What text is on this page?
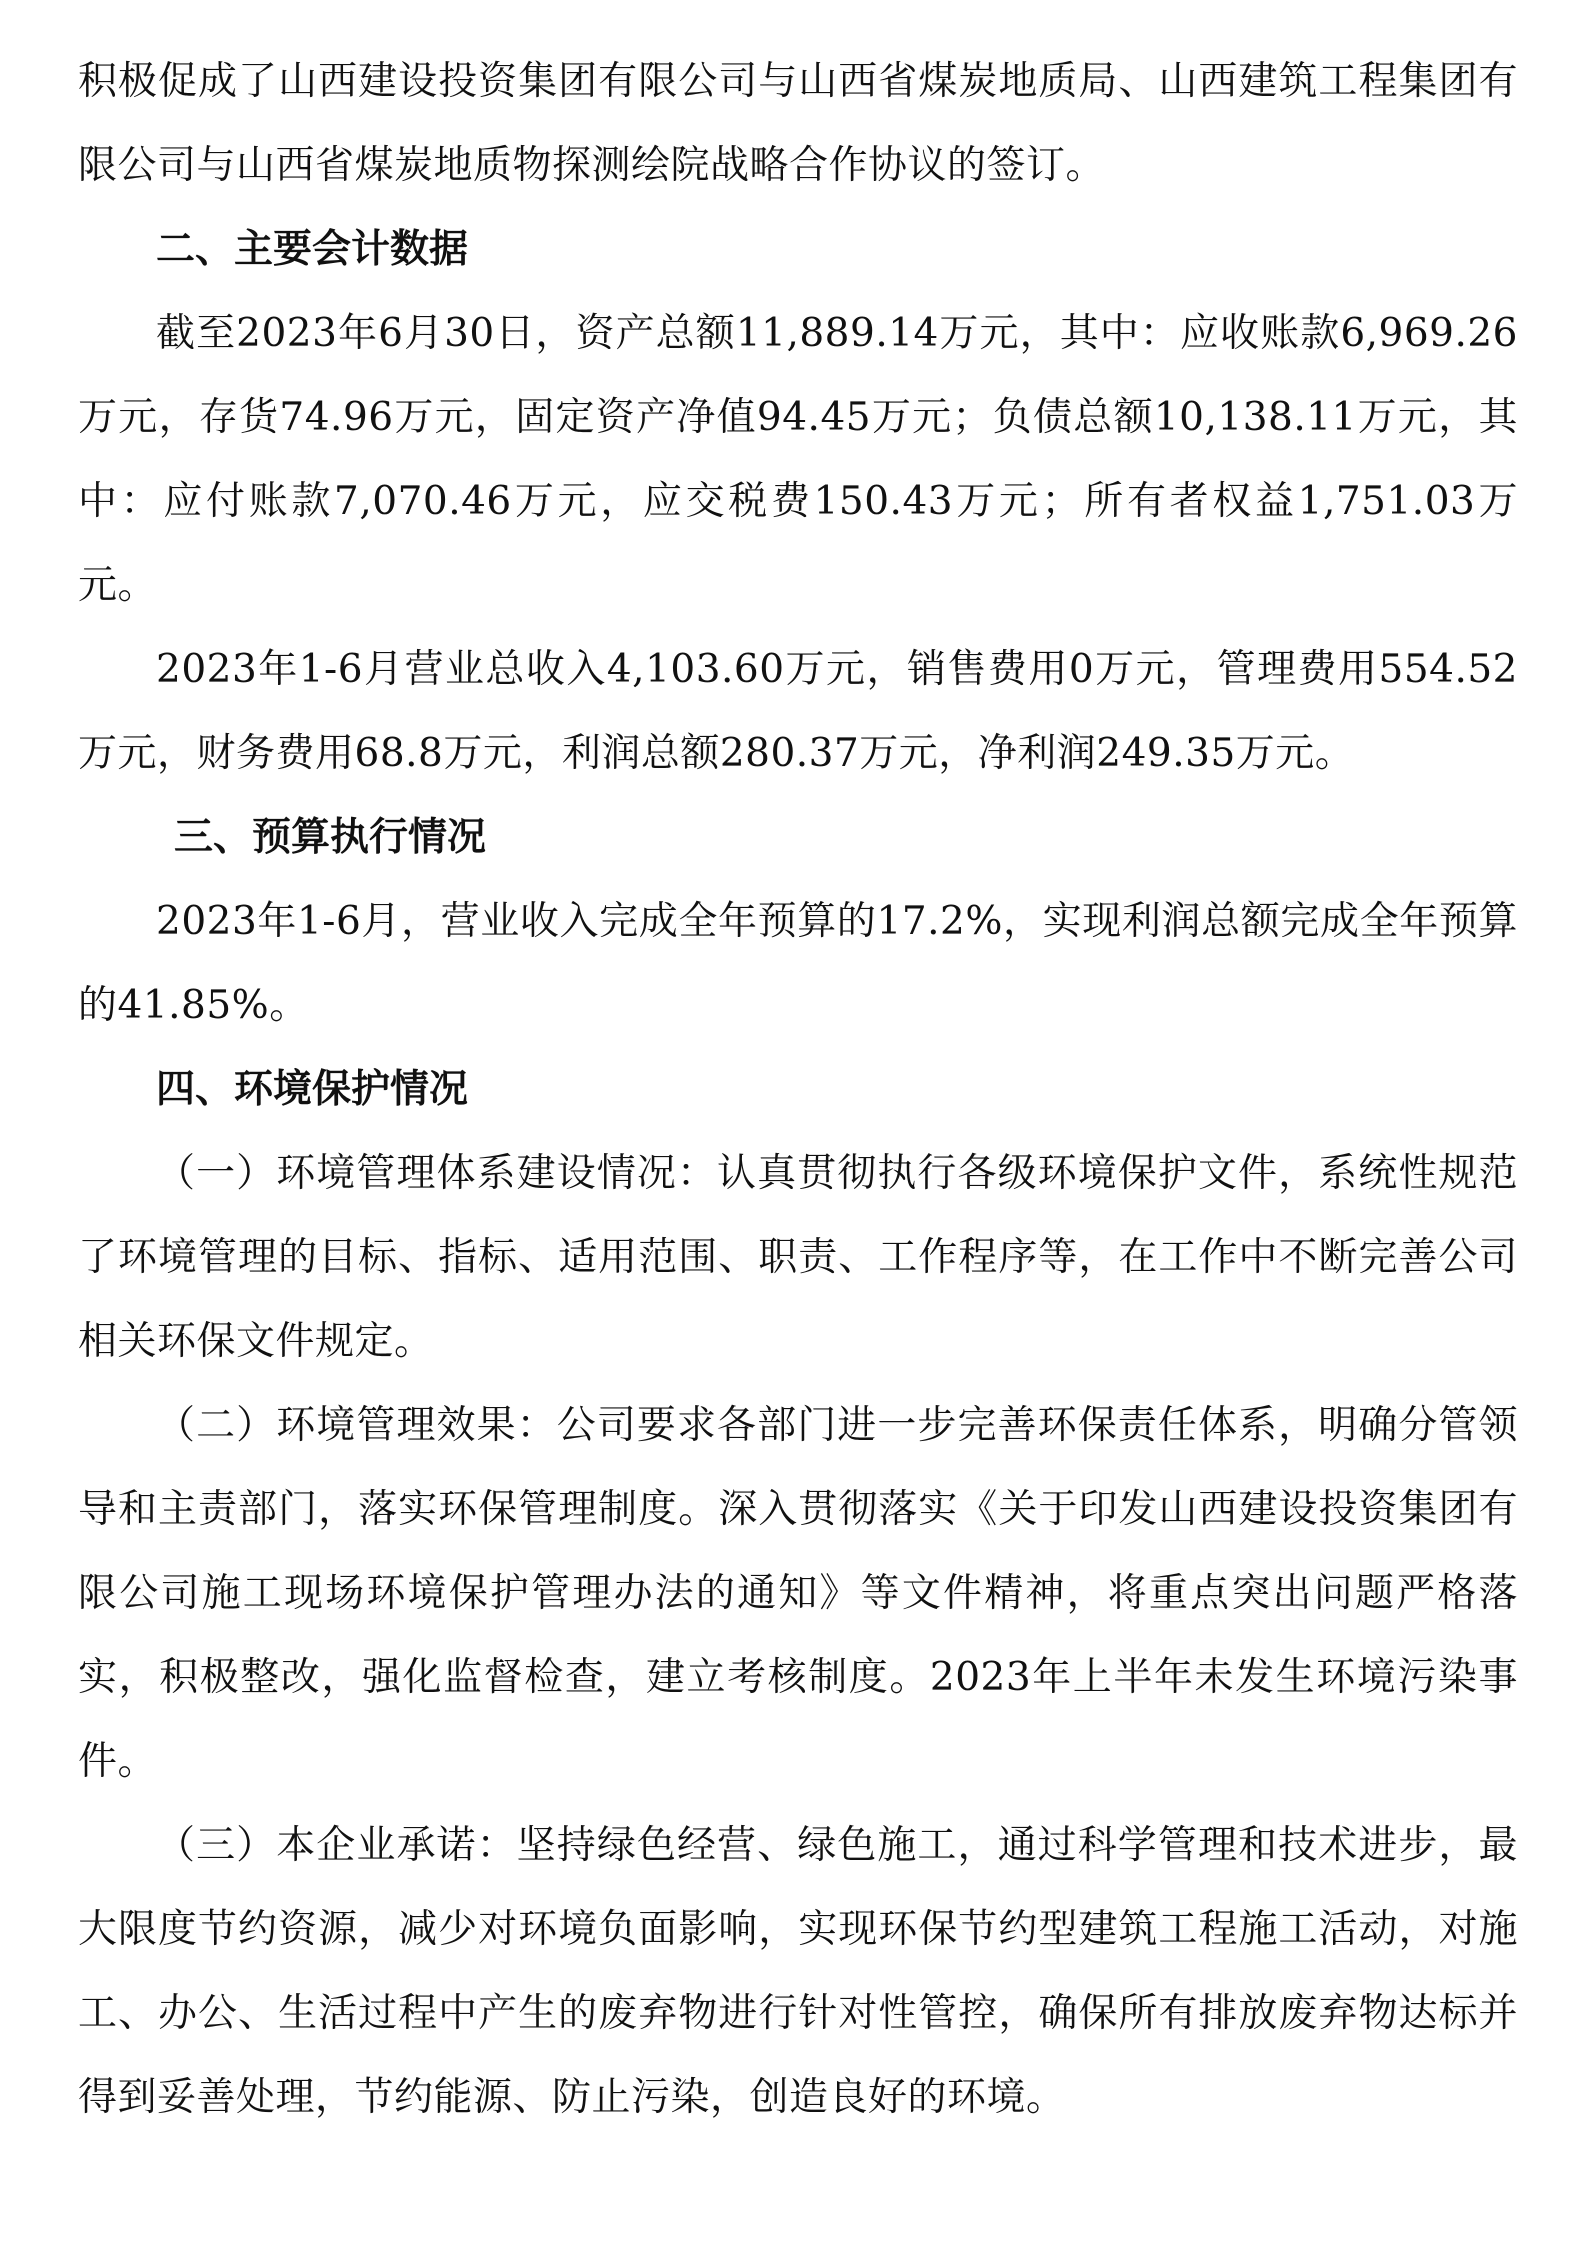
积极促成了山西建设投资集团有限公司与山西省煤炭地质局、山西建筑工程集团有限公司与山西省煤炭地质物探测绘院战略合作协议的签订。

二、主要会计数据

截至2023年6月30日，资产总额11,889.14万元，其中：应收账款6,969.26万元，存货74.96万元，固定资产净值94.45万元；负债总额10,138.11万元，其中：应付账款7,070.46万元，应交税费150.43万元；所有者权益1,751.03万元。

2023年1-6月营业总收入4,103.60万元，销售费用0万元，管理费用554.52万元，财务费用68.8万元，利润总额280.37万元，净利润249.35万元。

三、预算执行情况

2023年1-6月，营业收入完成全年预算的17.2%，实现利润总额完成全年预算的41.85%。

四、环境保护情况

（一）环境管理体系建设情况：认真贯彻执行各级环境保护文件，系统性规范了环境管理的目标、指标、适用范围、职责、工作程序等，在工作中不断完善公司相关环保文件规定。

（二）环境管理效果：公司要求各部门进一步完善环保责任体系，明确分管领导和主责部门，落实环保管理制度。深入贯彻落实《关于印发山西建设投资集团有限公司施工现场环境保护管理办法的通知》等文件精神，将重点突出问题严格落实，积极整改，强化监督检查，建立考核制度。2023年上半年未发生环境污染事件。

（三）本企业承诺：坚持绿色经营、绿色施工，通过科学管理和技术进步，最大限度节约资源，减少对环境负面影响，实现环保节约型建筑工程施工活动，对施工、办公、生活过程中产生的废弃物进行针对性管控，确保所有排放废弃物达标并得到妥善处理，节约能源、防止污染，创造良好的环境。
